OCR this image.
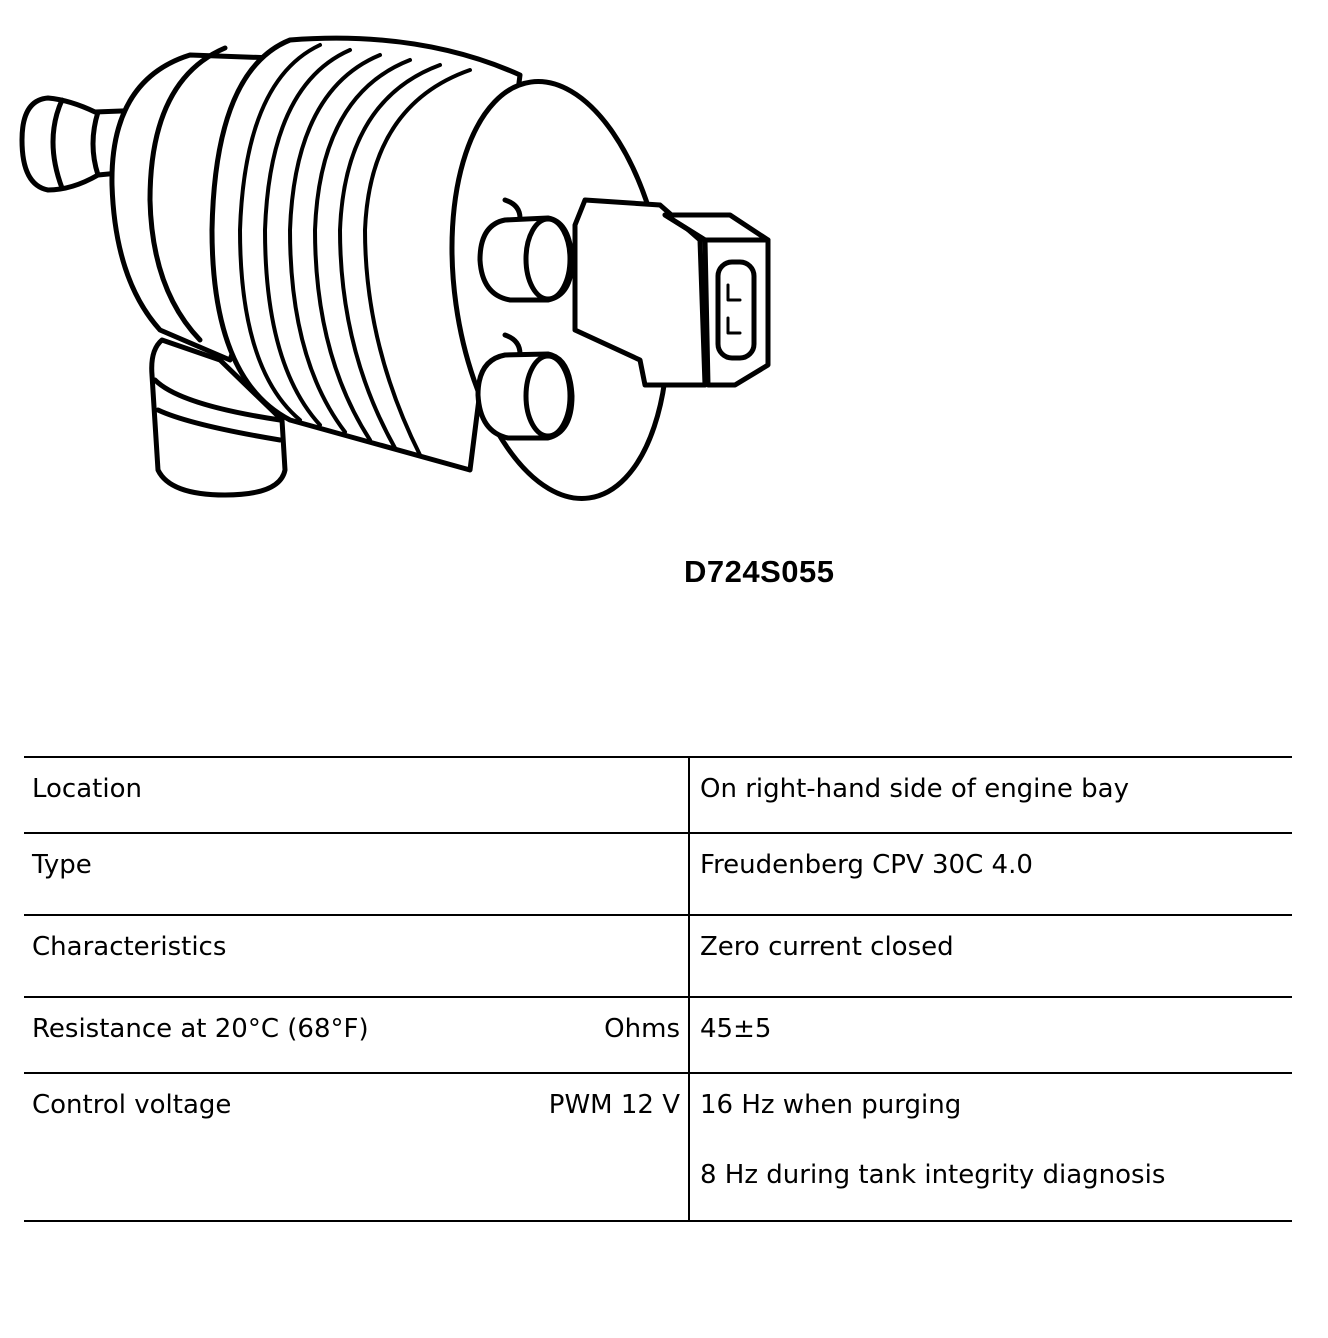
D724S055
Location	On right-hand side of engine bay
Type	Freudenberg CPV 30C 4.0
Characteristics	Zero current closed
Resistance at 20°C (68°F) Ohms	45±5
Control voltage PWM 12 V	16 Hz when purging
8 Hz during tank integrity diagnosis
